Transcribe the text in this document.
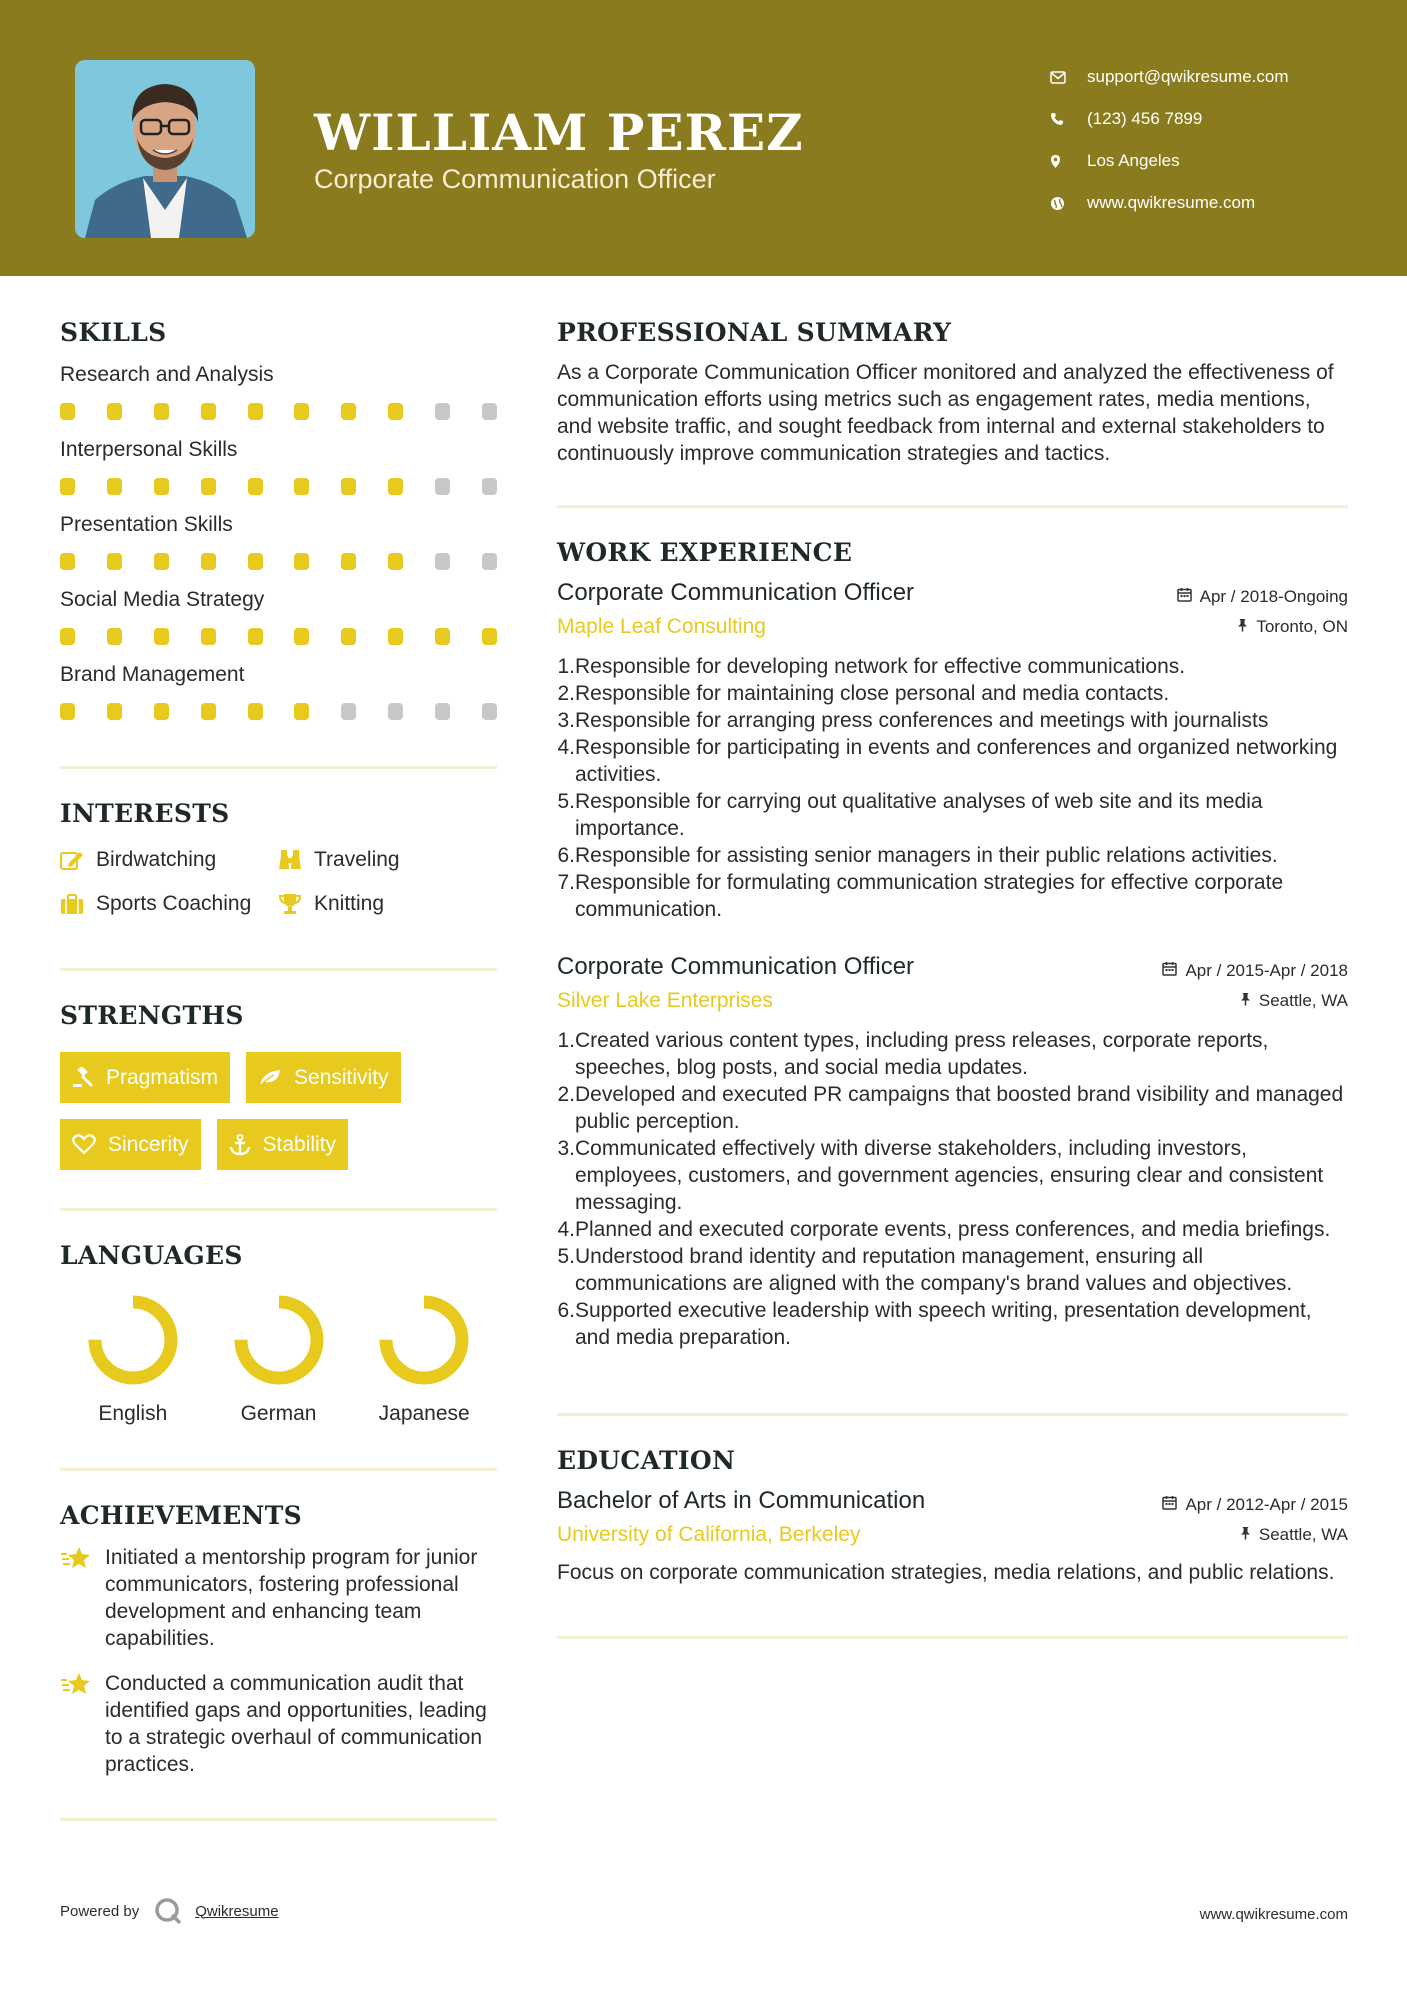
WILLIAM PEREZ
Corporate Communication Officer
support@qwikresume.com
(123) 456 7899
Los Angeles
www.qwikresume.com
SKILLS
Research and Analysis
Interpersonal Skills
Presentation Skills
Social Media Strategy
Brand Management
INTERESTS
Birdwatching	Traveling
Sports Coaching	Knitting
STRENGTHS
Pragmatism	Sensitivity
Sincerity	Stability
LANGUAGES
English	German	Japanese
ACHIEVEMENTS
Initiated a mentorship program for junior communicators, fostering professional development and enhancing team capabilities.
Conducted a communication audit that identified gaps and opportunities, leading to a strategic overhaul of communication practices.
PROFESSIONAL SUMMARY
As a Corporate Communication Officer monitored and analyzed the effectiveness of communication efforts using metrics such as engagement rates, media mentions, and website traffic, and sought feedback from internal and external stakeholders to continuously improve communication strategies and tactics.
WORK EXPERIENCE
Corporate Communication Officer	Apr / 2018-Ongoing
Maple Leaf Consulting	Toronto, ON
1. Responsible for developing network for effective communications.
2. Responsible for maintaining close personal and media contacts.
3. Responsible for arranging press conferences and meetings with journalists
4. Responsible for participating in events and conferences and organized networking activities.
5. Responsible for carrying out qualitative analyses of web site and its media importance.
6. Responsible for assisting senior managers in their public relations activities.
7. Responsible for formulating communication strategies for effective corporate communication.
Corporate Communication Officer	Apr / 2015-Apr / 2018
Silver Lake Enterprises	Seattle, WA
1. Created various content types, including press releases, corporate reports, speeches, blog posts, and social media updates.
2. Developed and executed PR campaigns that boosted brand visibility and managed public perception.
3. Communicated effectively with diverse stakeholders, including investors, employees, customers, and government agencies, ensuring clear and consistent messaging.
4. Planned and executed corporate events, press conferences, and media briefings.
5. Understood brand identity and reputation management, ensuring all communications are aligned with the company's brand values and objectives.
6. Supported executive leadership with speech writing, presentation development, and media preparation.
EDUCATION
Bachelor of Arts in Communication	Apr / 2012-Apr / 2015
University of California, Berkeley	Seattle, WA
Focus on corporate communication strategies, media relations, and public relations.
Powered by	Qwikresume	www.qwikresume.com
